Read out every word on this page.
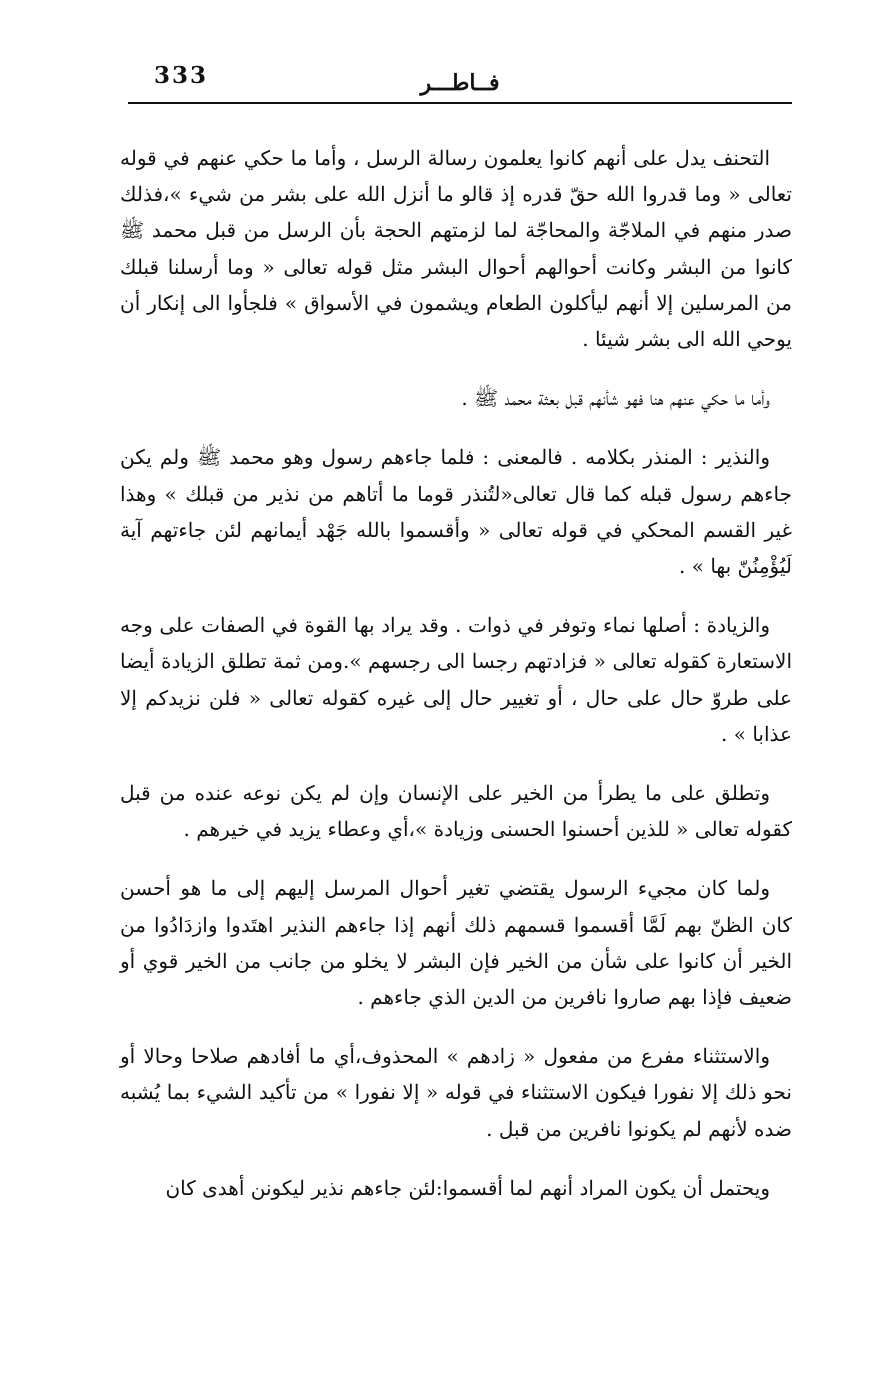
333	فــاطـــر

التحنف يدل على أنهم كانوا يعلمون رسالة الرسل ، وأما ما حكي عنهم في قوله تعالى « وما قدروا الله حقّ قدره إذ قالو ما أنزل الله على بشر من شيء »،فذلك صدر منهم في الملاجّة والمحاجّة لما لزمتهم الحجة بأن الرسل من قبل محمد ﷺ كانوا من البشر وكانت أحوالهم أحوال البشر مثل قوله تعالى « وما أرسلنا قبلك من المرسلين إلا أنهم ليأكلون الطعام ويشمون في الأسواق » فلجأوا الى إنكار أن يوحي الله الى بشر شيئا .

وأما ما حكي عنهم هنا فهو شأنهم قبل بعثة محمد ﷺ .

والنذير : المنذر بكلامه . فالمعنى : فلما جاءهم رسول وهو محمد ﷺ ولم يكن جاءهم رسول قبله كما قال تعالى«لتُنذر قوما ما أتاهم من نذير من قبلك » وهذا غير القسم المحكي في قوله تعالى « وأقسموا بالله جَهْد أيمانهم لئن جاءتهم آية لَيُؤْمِنُنّ بها » .

والزيادة : أصلها نماء وتوفر في ذوات . وقد يراد بها القوة في الصفات على وجه الاستعارة كقوله تعالى « فزادتهم رجسا الى رجسهم ».ومن ثمة تطلق الزيادة أيضا على طروّ حال على حال ، أو تغيير حال إلى غيره كقوله تعالى « فلن نزيدكم إلا عذابا » .

وتطلق على ما يطرأ من الخير على الإنسان وإن لم يكن نوعه عنده من قبل كقوله تعالى « للذين أحسنوا الحسنى وزيادة »،أي وعطاء يزيد في خيرهم .

ولما كان مجيء الرسول يقتضي تغير أحوال المرسل إليهم إلى ما هو أحسن كان الظنّ بهم لَمَّا أقسموا قسمهم ذلك أنهم إذا جاءهم النذير اهتَدوا وازدَادُوا من الخير أن كانوا على شأن من الخير فإن البشر لا يخلو من جانب من الخير قوي أو ضعيف فإذا بهم صاروا نافرين من الدين الذي جاءهم .

والاستثناء مفرع من مفعول « زادهم » المحذوف،أي ما أفادهم صلاحا وحالا أو نحو ذلك إلا نفورا فيكون الاستثناء في قوله « إلا نفورا » من تأكيد الشيء بما يُشبه ضده لأنهم لم يكونوا نافرين من قبل .

ويحتمل أن يكون المراد أنهم لما أقسموا:لئن جاءهم نذير ليكونن أهدى كان
